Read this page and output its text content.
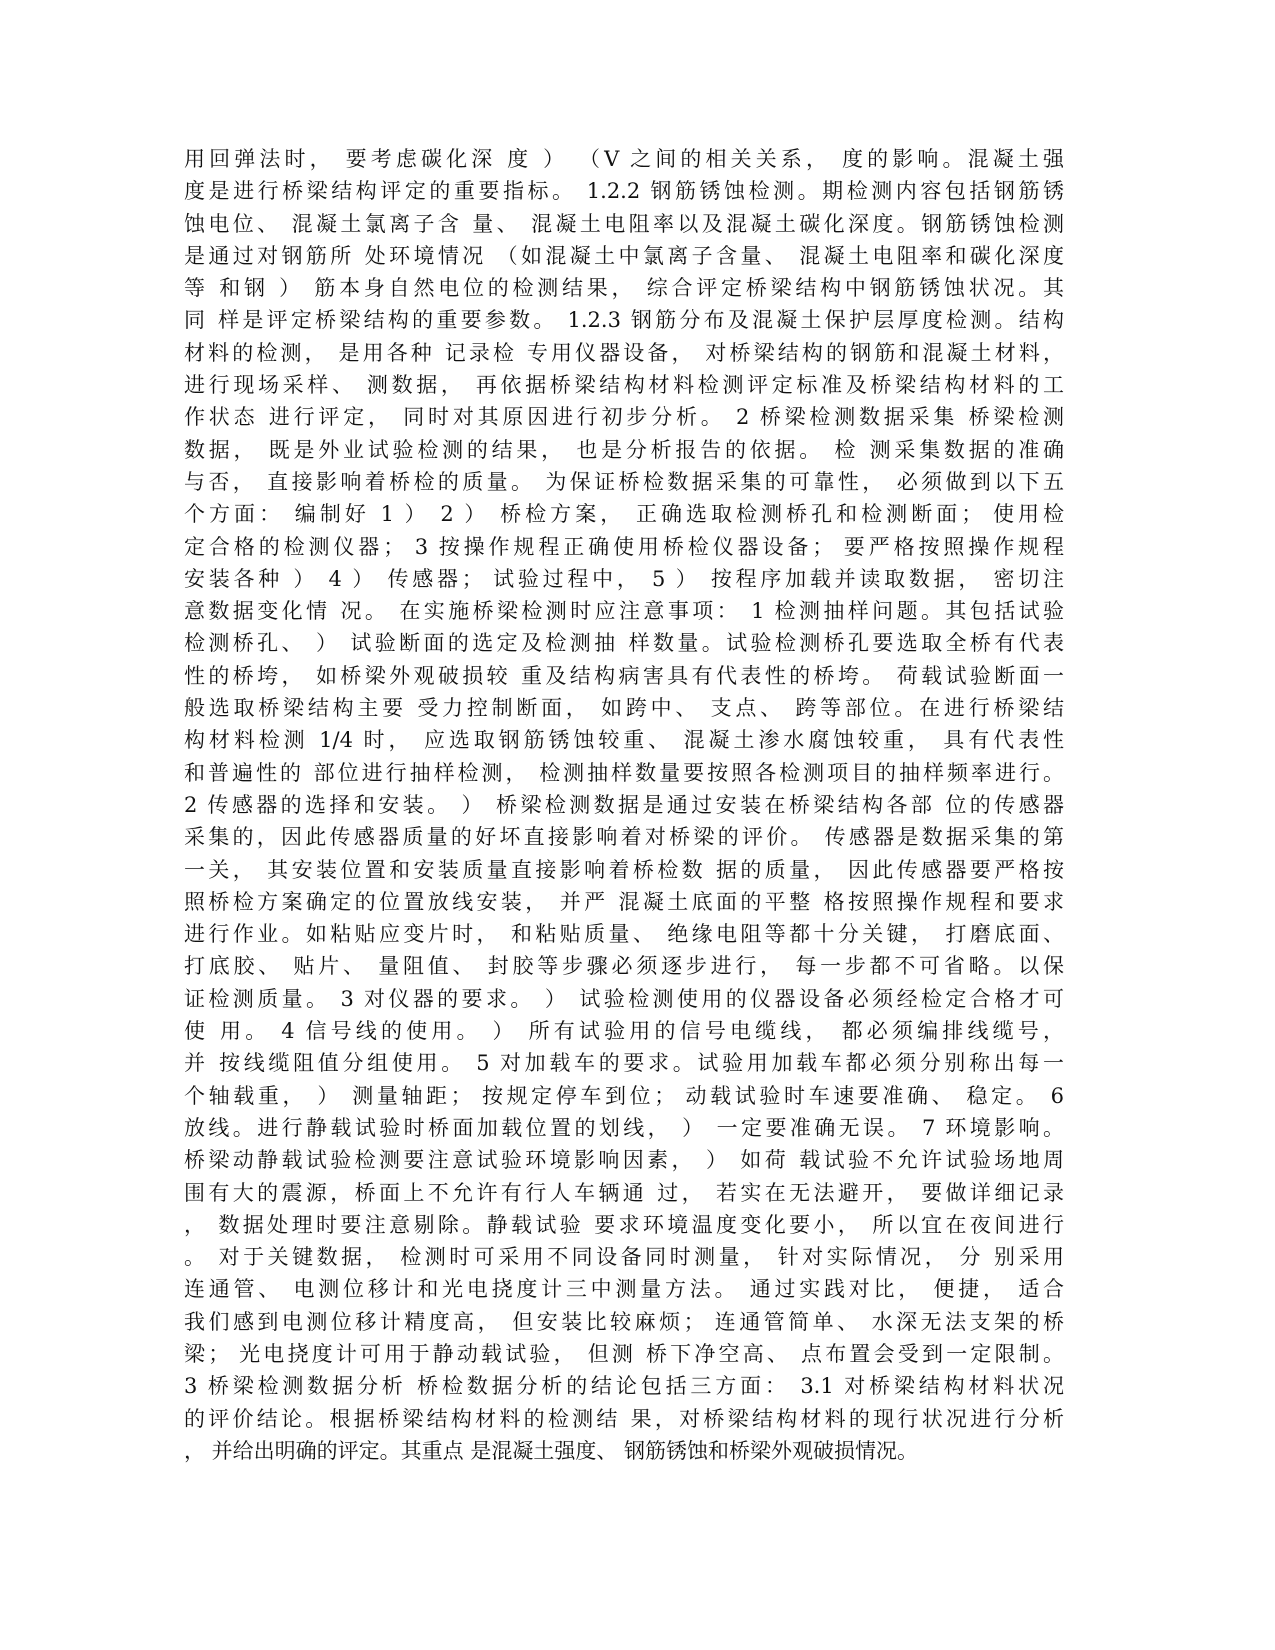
用回弹法时， 要考虑碳化深 度 ） （V 之间的相关关系， 度的影响。混凝土强
度是进行桥梁结构评定的重要指标。 1.2.2 钢筋锈蚀检测。期检测内容包括钢筋锈
蚀电位、 混凝土氯离子含 量、 混凝土电阻率以及混凝土碳化深度。钢筋锈蚀检测
是通过对钢筋所 处环境情况 （如混凝土中氯离子含量、 混凝土电阻率和碳化深度
等 和钢 ） 筋本身自然电位的检测结果， 综合评定桥梁结构中钢筋锈蚀状况。其
同 样是评定桥梁结构的重要参数。 1.2.3 钢筋分布及混凝土保护层厚度检测。结构
材料的检测， 是用各种 记录检 专用仪器设备， 对桥梁结构的钢筋和混凝土材料，
进行现场采样、 测数据， 再依据桥梁结构材料检测评定标准及桥梁结构材料的工
作状态 进行评定， 同时对其原因进行初步分析。 2 桥梁检测数据采集 桥梁检测
数据， 既是外业试验检测的结果， 也是分析报告的依据。 检 测采集数据的准确
与否， 直接影响着桥检的质量。 为保证桥检数据采集的可靠性， 必须做到以下五
个方面： 编制好 1 ） 2 ） 桥检方案， 正确选取检测桥孔和检测断面； 使用检
定合格的检测仪器； 3 按操作规程正确使用桥检仪器设备； 要严格按照操作规程
安装各种 ） 4 ） 传感器； 试验过程中， 5 ） 按程序加载并读取数据， 密切注
意数据变化情 况。 在实施桥梁检测时应注意事项： 1 检测抽样问题。其包括试验
检测桥孔、 ） 试验断面的选定及检测抽 样数量。试验检测桥孔要选取全桥有代表
性的桥垮， 如桥梁外观破损较 重及结构病害具有代表性的桥垮。 荷载试验断面一
般选取桥梁结构主要 受力控制断面， 如跨中、 支点、 跨等部位。在进行桥梁结
构材料检测 1/4 时， 应选取钢筋锈蚀较重、 混凝土渗水腐蚀较重， 具有代表性
和普遍性的 部位进行抽样检测， 检测抽样数量要按照各检测项目的抽样频率进行。
2 传感器的选择和安装。 ） 桥梁检测数据是通过安装在桥梁结构各部 位的传感器
采集的，因此传感器质量的好坏直接影响着对桥梁的评价。 传感器是数据采集的第
一关， 其安装位置和安装质量直接影响着桥检数 据的质量， 因此传感器要严格按
照桥检方案确定的位置放线安装， 并严 混凝土底面的平整 格按照操作规程和要求
进行作业。如粘贴应变片时， 和粘贴质量、 绝缘电阻等都十分关键， 打磨底面、
打底胶、 贴片、 量阻值、 封胶等步骤必须逐步进行， 每一步都不可省略。以保
证检测质量。 3 对仪器的要求。 ） 试验检测使用的仪器设备必须经检定合格才可
使 用。 4 信号线的使用。 ） 所有试验用的信号电缆线， 都必须编排线缆号，
并 按线缆阻值分组使用。 5 对加载车的要求。试验用加载车都必须分别称出每一
个轴载重， ） 测量轴距； 按规定停车到位； 动载试验时车速要准确、 稳定。 6
放线。进行静载试验时桥面加载位置的划线， ） 一定要准确无误。 7 环境影响。
桥梁动静载试验检测要注意试验环境影响因素， ） 如荷 载试验不允许试验场地周
围有大的震源，桥面上不允许有行人车辆通 过， 若实在无法避开， 要做详细记录
， 数据处理时要注意剔除。静载试验 要求环境温度变化要小， 所以宜在夜间进行
。 对于关键数据， 检测时可采用不同设备同时测量， 针对实际情况， 分 别采用
连通管、 电测位移计和光电挠度计三中测量方法。 通过实践对比， 便捷， 适合
我们感到电测位移计精度高， 但安装比较麻烦； 连通管简单、 水深无法支架的桥
梁； 光电挠度计可用于静动载试验， 但测 桥下净空高、 点布置会受到一定限制。
3 桥梁检测数据分析 桥检数据分析的结论包括三方面： 3.1 对桥梁结构材料状况
的评价结论。根据桥梁结构材料的检测结 果，对桥梁结构材料的现行状况进行分析
， 并给出明确的评定。其重点 是混凝土强度、 钢筋锈蚀和桥梁外观破损情况。
